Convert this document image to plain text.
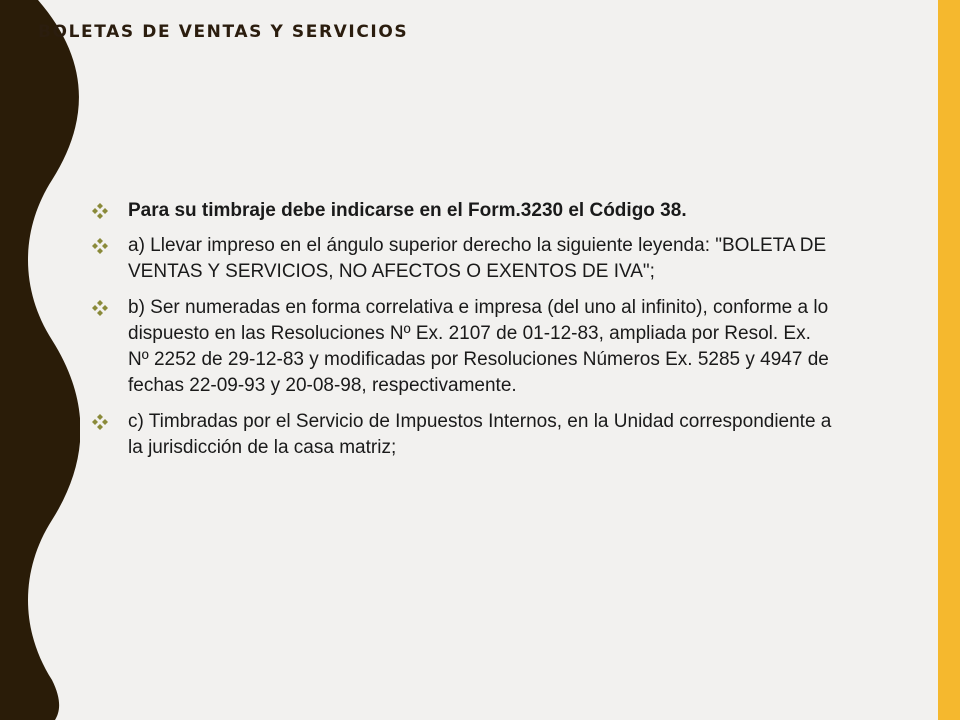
BOLETAS DE VENTAS Y SERVICIOS
Para su timbraje debe indicarse en el Form.3230 el Código 38.
a) Llevar impreso en el ángulo superior derecho la siguiente leyenda: "BOLETA DE VENTAS Y SERVICIOS, NO AFECTOS O EXENTOS DE IVA";
b) Ser numeradas en forma correlativa e impresa (del uno al infinito), conforme a lo dispuesto en las Resoluciones Nº Ex. 2107 de 01-12-83, ampliada por Resol. Ex. Nº 2252 de 29-12-83 y modificadas por Resoluciones Números Ex. 5285 y 4947 de fechas 22-09-93 y 20-08-98, respectivamente.
c) Timbradas por el Servicio de Impuestos Internos, en la Unidad correspondiente a la jurisdicción de la casa matriz;
